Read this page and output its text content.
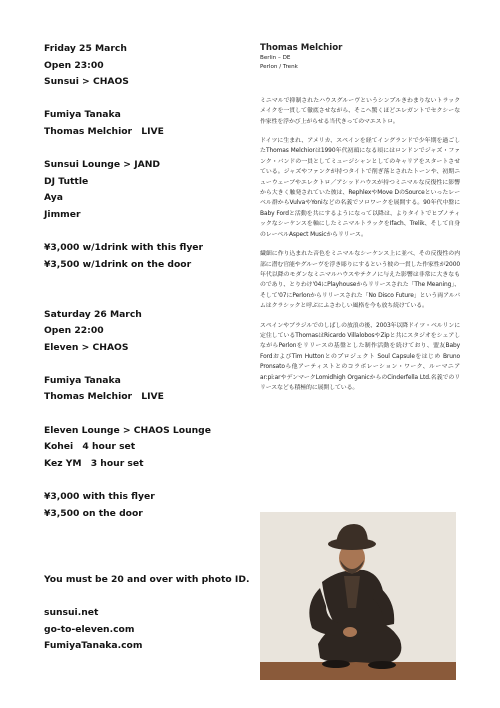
Friday 25 March
Open 23:00
Sunsui > CHAOS
Fumiya Tanaka
Thomas Melchior　LIVE
Sunsui Lounge > JAND
DJ Tuttle
Aya
Jimmer
¥3,000 w/1drink with this flyer
¥3,500 w/1drink on the door
Saturday 26 March
Open 22:00
Eleven > CHAOS
Fumiya Tanaka
Thomas Melchior　LIVE
Eleven Lounge > CHAOS Lounge
Kohei　4 hour set
Kez YM　3 hour set
¥3,000 with this flyer
¥3,500 on the door
You must be 20 and over with photo ID.
sunsui.net
go-to-eleven.com
FumiyaTanaka.com
Thomas Melchior
Berlin – DE
Perlon / Trenk
ミニマルで抑制されたハウスグルーヴというシンプルきわまりないトラックメイクを一貫して徹底させながら、そこへ驚くほどエレガントでセクシーな作家性を浮かび上がらせる当代きってのマエストロ。
ドイツに生まれ、アメリカ、スペインを経てイングランドで少年期を過ごしたThomas Melchiorは1990年代初頭になる頃にはロンドンでジャズ・ファンク・バンドの一員としてミュージシャンとしてのキャリアをスタートさせている。ジャズやファンクが持つタイトで削ぎ落とされたトーンや、初期ニューウェーブやエレクトロ／アシッドハウスが持つミニマルな反復性に影響から大きく触発されていた彼は、RephlexやMove DのSourceといったレーベル群からVulvaやYoniなどの名義でソロワークを展開する。90年代中盤にBaby Fordと活動を共にするようになって以降は、よりタイトでヒプノティックなシーケンスを軸にしたミニマルトラックをIfach、Trelik、そして自身のレーベルAspect Musicからリリース。
繊細に作り込まれた音色をミニマルなシーケンス上に並べ、その反復性の内部に潜む官能やグルーヴを浮き彫りにするという彼の一貫した作家性が2000年代以降のモダンなミニマルハウスやテクノに与えた影響は非常に大きなものであり、とりわけ'04にPlayhouseからリリースされた「The Meaning」、そして'07にPerlonからリリースされた「No Disco Future」という両アルバムはクラシックと呼ぶにふさわしい風格を今も放ち続けている。
スペインやブラジルでのしばしの放浪の後、2003年以降ドイツ・ベルリンに定住しているThomasはRicardo VillalobosやZipと共にスタジオをシェアしながらPerlonをリリースの基盤とした制作活動を続けており、盟友Baby FordおよびTim Huttonとのプロジェクト Soul Capsuleをはじめ Bruno Pronsatoら他アーティストとのコラボレーション・ワーク、ルーマニアar:pi:arやデンマークLomidhigh OrganicからのCinderfella Ltd.名義でのリリースなども積極的に展開している。
